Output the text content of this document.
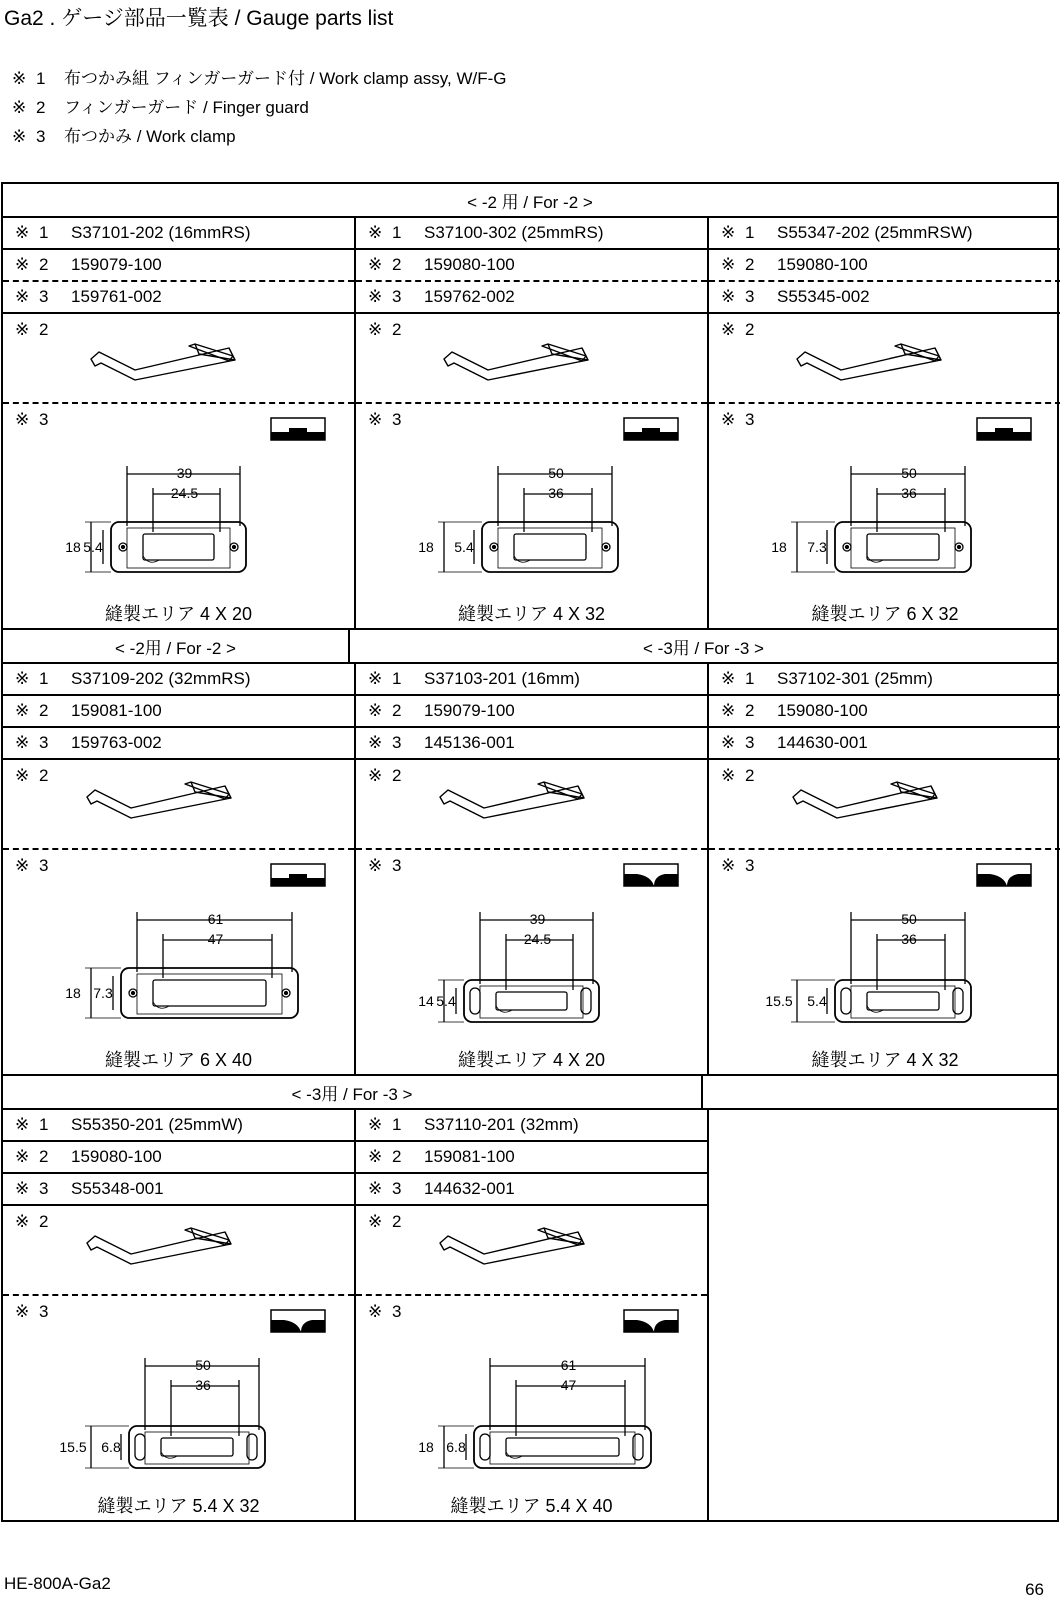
Ga2 . ゲージ部品一覧表 / Gauge parts list
※ 1 布つかみ組 フィンガーガード付 / Work clamp assy, W/F-G
※ 2 フィンガーガード / Finger guard
※ 3 布つかみ / Work clamp
< -2 用 / For -2 >
※ 1	S37101-202 (16mmRS)
※ 2	159079-100
※ 3	159761-002
※ 2
※ 3
39
24.5
18 5.4
縫製エリア 4 X 20
※ 1	S37100-302 (25mmRS)
※ 2	159080-100
※ 3	159762-002
※ 2
※ 3
50
36
18 5.4
縫製エリア 4 X 32
※ 1	S55347-202 (25mmRSW)
※ 2	159080-100
※ 3	S55345-002
※ 2
※ 3
50
36
18 7.3
縫製エリア 6 X 32
< -2用 / For -2 >	< -3用 / For -3 >
※ 1	S37109-202 (32mmRS)
※ 2	159081-100
※ 3	159763-002
※ 2
※ 3
61
47
18 7.3
縫製エリア 6 X 40
※ 1	S37103-201 (16mm)
※ 2	159079-100
※ 3	145136-001
※ 2
※ 3
39
24.5
14 5.4
縫製エリア 4 X 20
※ 1	S37102-301 (25mm)
※ 2	159080-100
※ 3	144630-001
※ 2
※ 3
50
36
15.5 5.4
縫製エリア 4 X 32
< -3用 / For -3 >
※ 1	S55350-201 (25mmW)
※ 2	159080-100
※ 3	S55348-001
※ 2
※ 3
50
36
15.5 6.8
縫製エリア 5.4 X 32
※ 1	S37110-201 (32mm)
※ 2	159081-100
※ 3	144632-001
※ 2
※ 3
61
47
18 6.8
縫製エリア 5.4 X 40
HE-800A-Ga2	66
